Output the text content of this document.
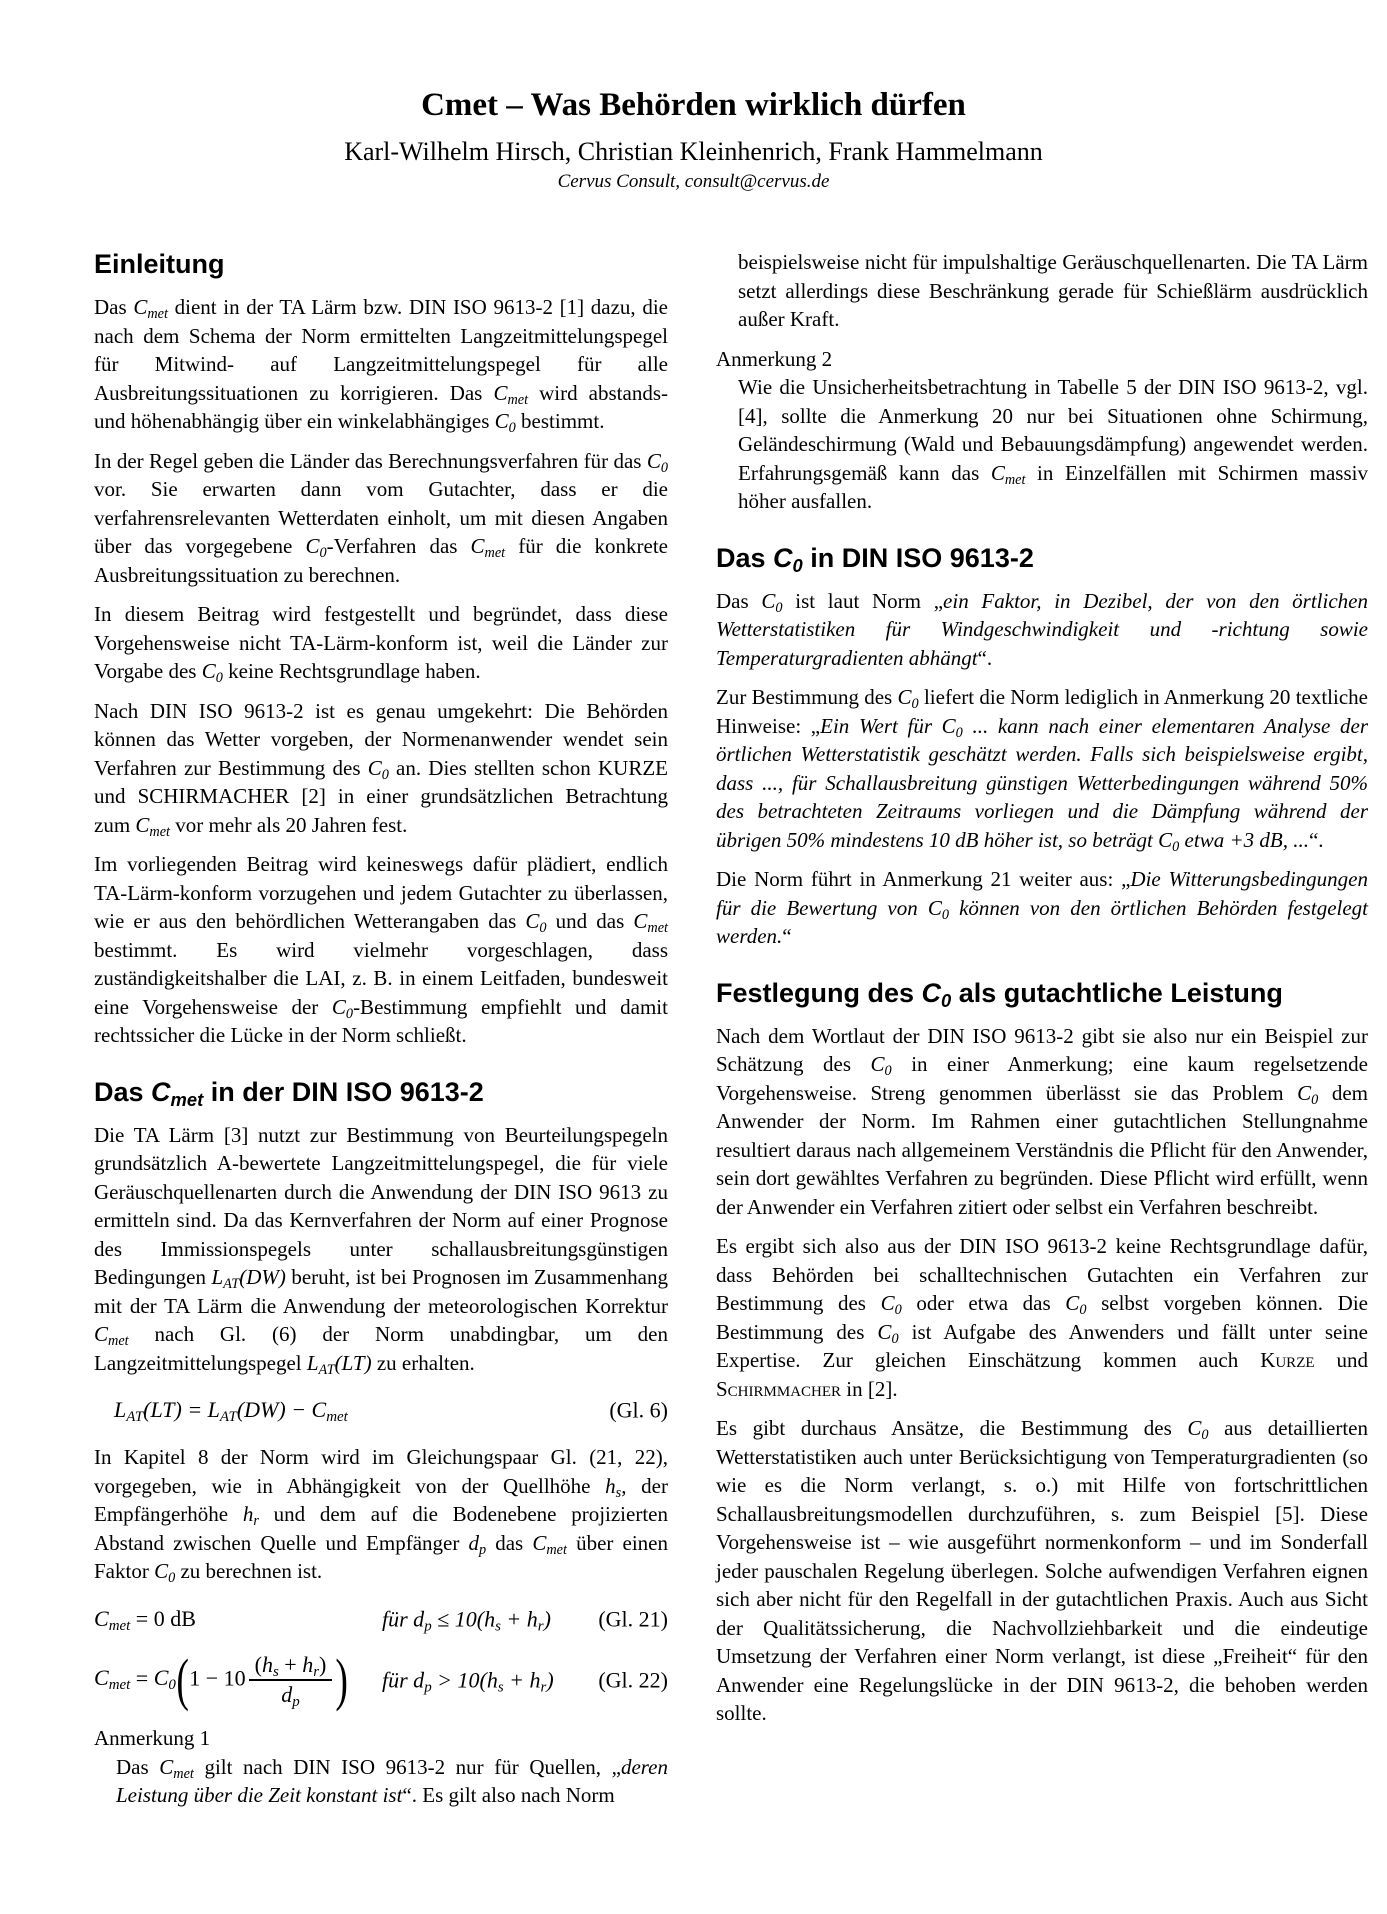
Cmet – Was Behörden wirklich dürfen
Karl-Wilhelm Hirsch, Christian Kleinhenrich, Frank Hammelmann
Cervus Consult, consult@cervus.de
Einleitung

Das $C_{met}$ dient in der TA Lärm bzw. DIN ISO 9613-2 [1] dazu, die nach dem Schema der Norm ermittelten Langzeitmittelungspegel für Mitwind- auf Langzeitmittelungspegel für alle Ausbreitungssituationen zu korrigieren. Das $C_{met}$ wird abstands- und höhenabhängig über ein winkelabhängiges $C_0$ bestimmt.

In der Regel geben die Länder das Berechnungsverfahren für das $C_0$ vor. Sie erwarten dann vom Gutachter, dass er die verfahrensrelevanten Wetterdaten einholt, um mit diesen Angaben über das vorgegebene $C_0$-Verfahren das $C_{met}$ für die konkrete Ausbreitungssituation zu berechnen.

In diesem Beitrag wird festgestellt und begründet, dass diese Vorgehensweise nicht TA-Lärm-konform ist, weil die Länder zur Vorgabe des $C_0$ keine Rechtsgrundlage haben.

Nach DIN ISO 9613-2 ist es genau umgekehrt: Die Behörden können das Wetter vorgeben, der Normenanwender wendet sein Verfahren zur Bestimmung des $C_0$ an. Dies stellten schon KURZE und SCHIRMACHER [2] in einer grundsätzlichen Betrachtung zum $C_{met}$ vor mehr als 20 Jahren fest.

Im vorliegenden Beitrag wird keineswegs dafür plädiert, endlich TA-Lärm-konform vorzugehen und jedem Gutachter zu überlassen, wie er aus den behördlichen Wetterangaben das $C_0$ und das $C_{met}$ bestimmt. Es wird vielmehr vorgeschlagen, dass zuständigkeitshalber die LAI, z. B. in einem Leitfaden, bundesweit eine Vorgehensweise der $C_0$-Bestimmung empfiehlt und damit rechtssicher die Lücke in der Norm schließt.

Das $C_{met}$ in der DIN ISO 9613-2

Die TA Lärm [3] nutzt zur Bestimmung von Beurteilungspegeln grundsätzlich A-bewertete Langzeitmittelungspegel, die für viele Geräuschquellenarten durch die Anwendung der DIN ISO 9613 zu ermitteln sind. Da das Kernverfahren der Norm auf einer Prognose des Immissionspegels unter schallausbreitungsgünstigen Bedingungen $L_{AT}(DW)$ beruht, ist bei Prognosen im Zusammenhang mit der TA Lärm die Anwendung der meteorologischen Korrektur $C_{met}$ nach Gl. (6) der Norm unabdingbar, um den Langzeitmittelungspegel $L_{AT}(LT)$ zu erhalten.

$L_{AT}(LT) = L_{AT}(DW) - C_{met}$	(Gl. 6)

In Kapitel 8 der Norm wird im Gleichungspaar Gl. (21, 22), vorgegeben, wie in Abhängigkeit von der Quellhöhe $h_s$, der Empfängerhöhe $h_r$ und dem auf die Bodenebene projizierten Abstand zwischen Quelle und Empfänger $d_p$ das $C_{met}$ über einen Faktor $C_0$ zu berechnen ist.

$C_{met} = 0$ dB	für $d_p \le 10(h_s + h_r)$ (Gl. 21)
$C_{met} = C_0(1 - 10 \frac{(h_s + h_r)}{d_p}$ ) für $d_p > 10(h_s + h_r)$ (Gl. 22)

Anmerkung 1

Das $C_{met}$ gilt nach DIN ISO 9613-2 nur für Quellen, „deren Leistung über die Zeit konstant ist“. Es gilt also nach Norm

beispielsweise nicht für impulshaltige Geräuschquellenarten. Die TA Lärm setzt allerdings diese Beschränkung gerade für Schießlärm ausdrücklich außer Kraft.

Anmerkung 2

Wie die Unsicherheitsbetrachtung in Tabelle 5 der DIN ISO 9613-2, vgl. [4], sollte die Anmerkung 20 nur bei Situationen ohne Schirmung, Geländeschirmung (Wald und Bebauungsdämpfung) angewendet werden. Erfahrungsgemäß kann das $C_{met}$ in Einzelfällen mit Schirmen massiv höher ausfallen.

Das $C_0$ in DIN ISO 9613-2

Das $C_0$ ist laut Norm „ein Faktor, in Dezibel, der von den örtlichen Wetterstatistiken für Windgeschwindigkeit und -richtung sowie Temperaturgradienten abhängt“.

Zur Bestimmung des $C_0$ liefert die Norm lediglich in Anmerkung 20 textliche Hinweise: „Ein Wert für $C_0$ ... kann nach einer elementaren Analyse der örtlichen Wetterstatistik geschätzt werden. Falls sich beispielsweise ergibt, dass ..., für Schallausbreitung günstigen Wetterbedingungen während 50% des betrachteten Zeitraums vorliegen und die Dämpfung während der übrigen 50% mindestens 10 dB höher ist, so beträgt $C_0$ etwa +3 dB, ...“.

Die Norm führt in Anmerkung 21 weiter aus: „Die Witterungsbedingungen für die Bewertung von $C_0$ können von den örtlichen Behörden festgelegt werden.“

Festlegung des $C_0$ als gutachtliche Leistung

Nach dem Wortlaut der DIN ISO 9613-2 gibt sie also nur ein Beispiel zur Schätzung des $C_0$ in einer Anmerkung; eine kaum regelsetzende Vorgehensweise. Streng genommen überlässt sie das Problem $C_0$ dem Anwender der Norm. Im Rahmen einer gutachtlichen Stellungnahme resultiert daraus nach allgemeinem Verständnis die Pflicht für den Anwender, sein dort gewähltes Verfahren zu begründen. Diese Pflicht wird erfüllt, wenn der Anwender ein Verfahren zitiert oder selbst ein Verfahren beschreibt.

Es ergibt sich also aus der DIN ISO 9613-2 keine Rechtsgrundlage dafür, dass Behörden bei schalltechnischen Gutachten ein Verfahren zur Bestimmung des $C_0$ oder etwa das $C_0$ selbst vorgeben können. Die Bestimmung des $C_0$ ist Aufgabe des Anwenders und fällt unter seine Expertise. Zur gleichen Einschätzung kommen auch Kurze und Schirmmacher in [2].

Es gibt durchaus Ansätze, die Bestimmung des $C_0$ aus detaillierten Wetterstatistiken auch unter Berücksichtigung von Temperaturgradienten (so wie es die Norm verlangt, s. o.) mit Hilfe von fortschrittlichen Schallausbreitungsmodellen durchzuführen, s. zum Beispiel [5]. Diese Vorgehensweise ist – wie ausgeführt normenkonform – und im Sonderfall jeder pauschalen Regelung überlegen. Solche aufwendigen Verfahren eignen sich aber nicht für den Regelfall in der gutachtlichen Praxis. Auch aus Sicht der Qualitätssicherung, die Nachvollziehbarkeit und die eindeutige Umsetzung der Verfahren einer Norm verlangt, ist diese „Freiheit“ für den Anwender eine Regelungslücke in der DIN 9613-2, die behoben werden sollte.
